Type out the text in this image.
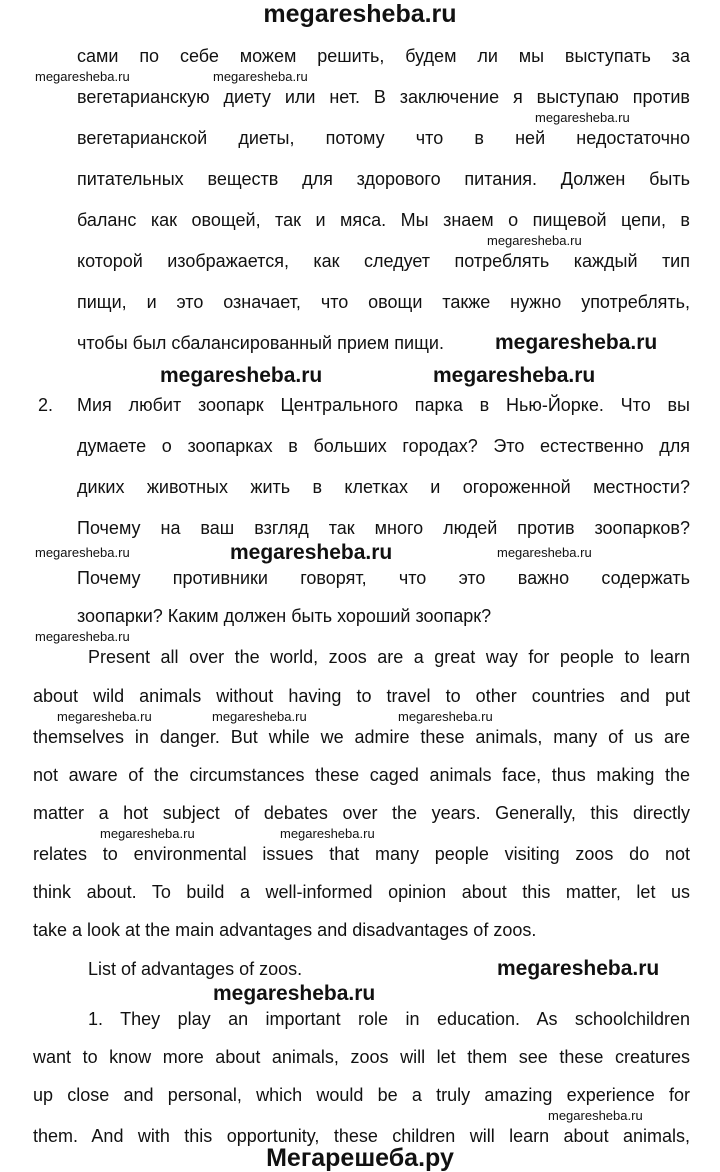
megaresheba.ru
сами по себе можем решить, будем ли мы выступать за
megaresheba.ru	megaresheba.ru
вегетарианскую диету или нет. В заключение я выступаю против
megaresheba.ru
вегетарианской диеты, потому что в ней недостаточно
питательных веществ для здорового питания. Должен быть
баланс как овощей, так и мяса. Мы знаем о пищевой цепи, в
megaresheba.ru
которой изображается, как следует потреблять каждый тип
пищи, и это означает, что овощи также нужно употреблять,
чтобы был сбалансированный прием пищи. megaresheba.ru
megaresheba.ru	megaresheba.ru
2. Мия любит зоопарк Центрального парка в Нью-Йорке. Что вы
думаете о зоопарках в больших городах? Это естественно для
диких животных жить в клетках и огороженной местности?
Почему на ваш взгляд так много людей против зоопарков?
megaresheba.ru	megaresheba.ru	megaresheba.ru
Почему противники говорят, что это важно содержать
зоопарки? Каким должен быть хороший зоопарк?
megaresheba.ru
Present all over the world, zoos are a great way for people to learn
about wild animals without having to travel to other countries and put
megaresheba.ru	megaresheba.ru	megaresheba.ru
themselves in danger. But while we admire these animals, many of us are
not aware of the circumstances these caged animals face, thus making the
matter a hot subject of debates over the years. Generally, this directly
megaresheba.ru	megaresheba.ru
relates to environmental issues that many people visiting zoos do not
think about. To build a well-informed opinion about this matter, let us
take a look at the main advantages and disadvantages of zoos.
List of advantages of zoos.	megaresheba.ru
megaresheba.ru
1. They play an important role in education. As schoolchildren
want to know more about animals, zoos will let them see these creatures
up close and personal, which would be a truly amazing experience for
megaresheba.ru
them. And with this opportunity, these children will learn about animals,
Мегарешеба.ру
